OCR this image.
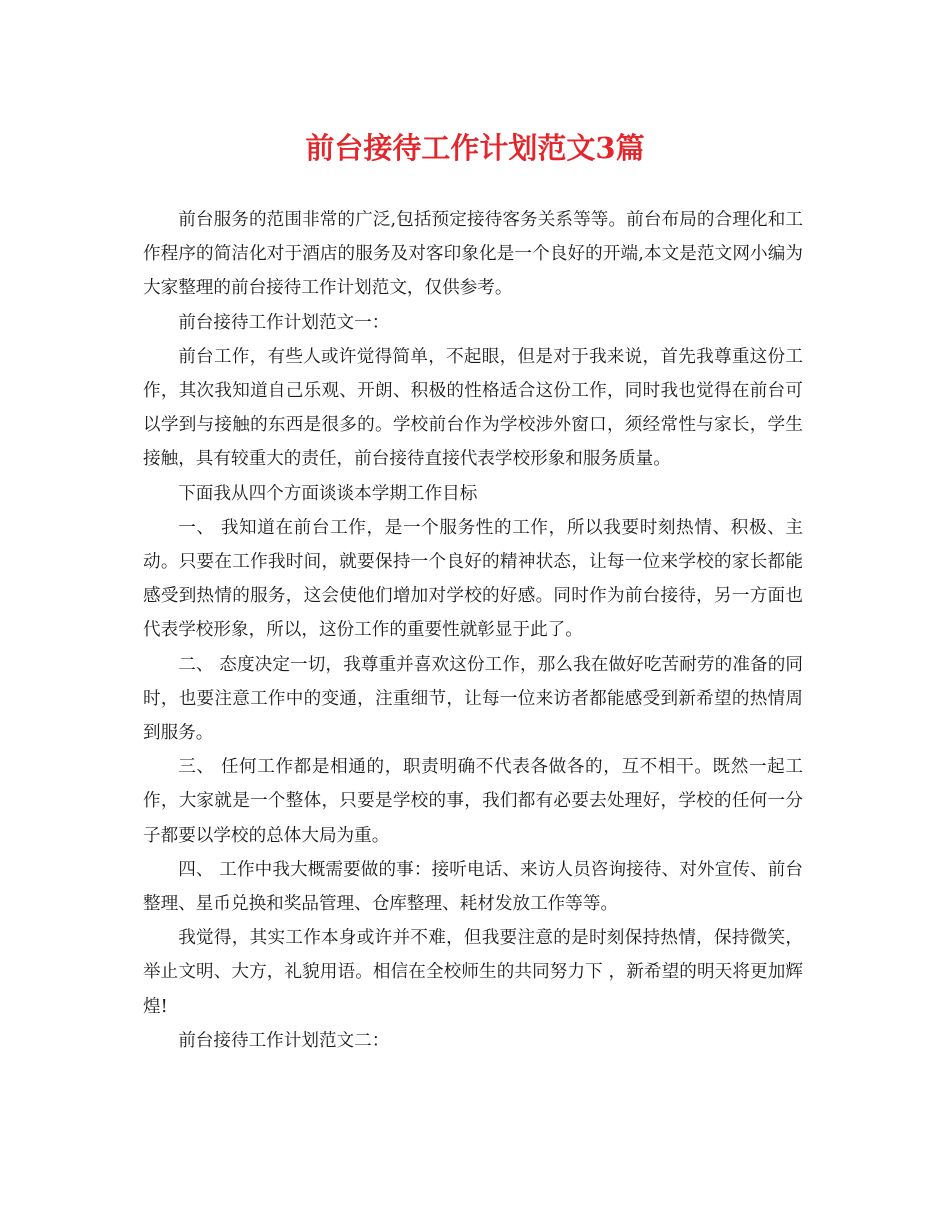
前台接待工作计划范文3篇

前台服务的范围非常的广泛,包括预定接待客务关系等等。前台布局的合理化和工作程序的简洁化对于酒店的服务及对客印象化是一个良好的开端,本文是范文网小编为大家整理的前台接待工作计划范文，仅供参考。

前台接待工作计划范文一：

前台工作，有些人或许觉得简单，不起眼，但是对于我来说，首先我尊重这份工作，其次我知道自己乐观、开朗、积极的性格适合这份工作，同时我也觉得在前台可以学到与接触的东西是很多的。学校前台作为学校涉外窗口，须经常性与家长，学生接触，具有较重大的责任，前台接待直接代表学校形象和服务质量。

下面我从四个方面谈谈本学期工作目标

一、 我知道在前台工作，是一个服务性的工作，所以我要时刻热情、积极、主动。只要在工作我时间，就要保持一个良好的精神状态，让每一位来学校的家长都能感受到热情的服务，这会使他们增加对学校的好感。同时作为前台接待，另一方面也代表学校形象，所以，这份工作的重要性就彰显于此了。

二、 态度决定一切，我尊重并喜欢这份工作，那么我在做好吃苦耐劳的准备的同时，也要注意工作中的变通，注重细节，让每一位来访者都能感受到新希望的热情周到服务。

三、 任何工作都是相通的，职责明确不代表各做各的，互不相干。既然一起工作，大家就是一个整体，只要是学校的事，我们都有必要去处理好，学校的任何一分子都要以学校的总体大局为重。

四、 工作中我大概需要做的事：接听电话、来访人员咨询接待、对外宣传、前台整理、星币兑换和奖品管理、仓库整理、耗材发放工作等等。

我觉得，其实工作本身或许并不难，但我要注意的是时刻保持热情，保持微笑，举止文明、大方，礼貌用语。相信在全校师生的共同努力下 ，新希望的明天将更加辉煌!

前台接待工作计划范文二：
